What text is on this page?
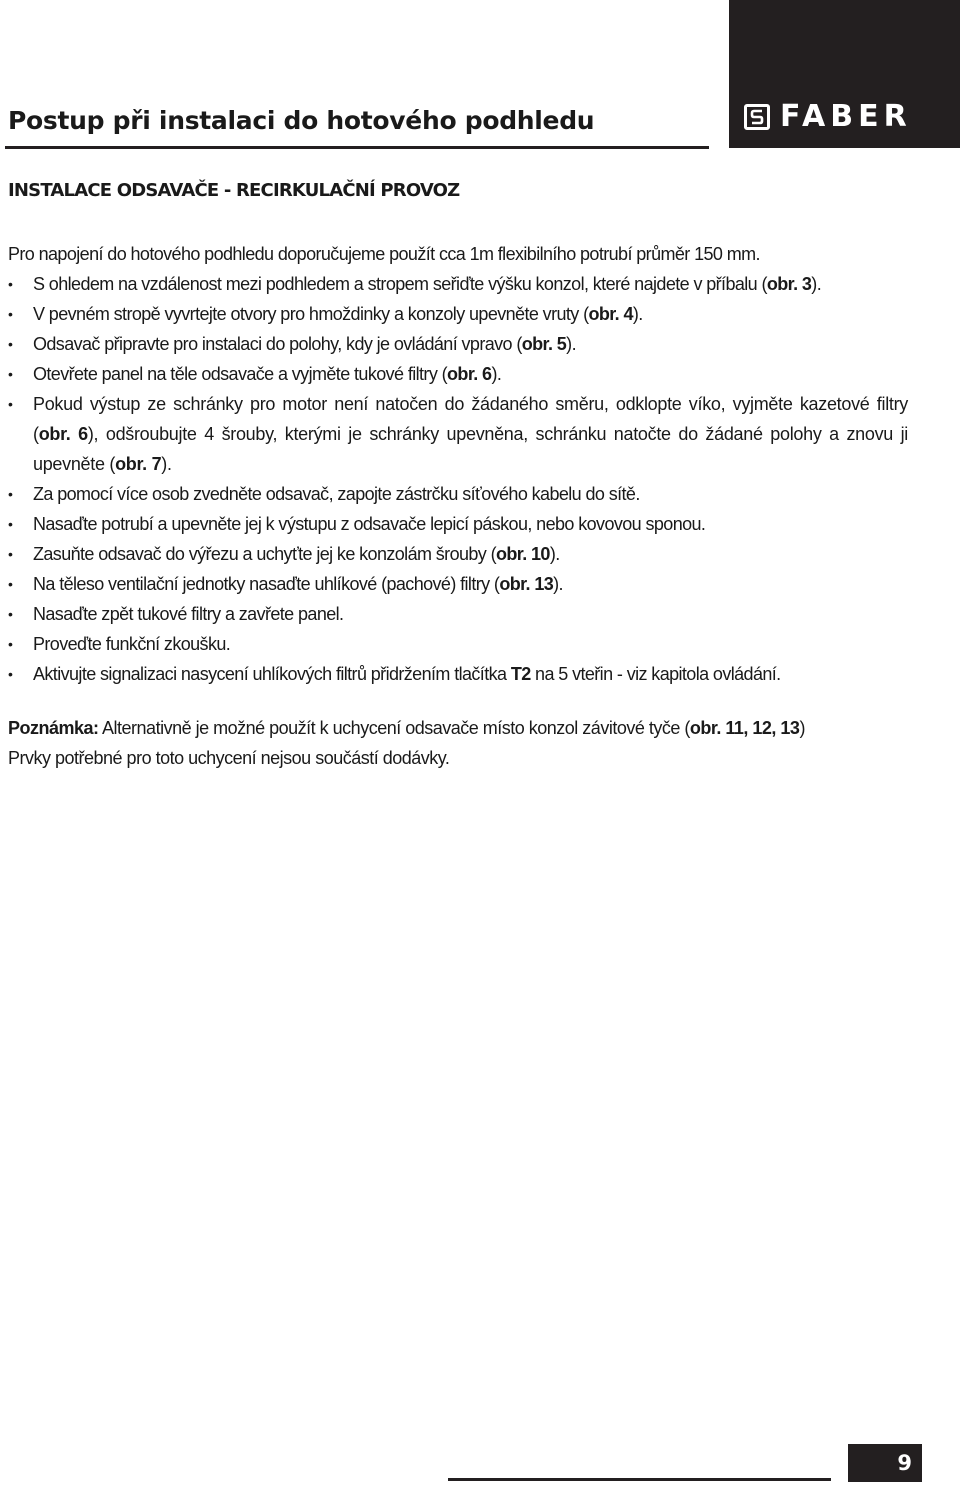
FABER
Postup při instalaci do hotového podhledu
INSTALACE ODSAVAČE - RECIRKULAČNÍ PROVOZ

Pro napojení do hotového podhledu doporučujeme použít cca 1m flexibilního potrubí průměr 150 mm.

• S ohledem na vzdálenost mezi podhledem a stropem seřiďte výšku konzol, které najdete v příbalu (obr. 3).
• V pevném stropě vyvrtejte otvory pro hmoždinky a konzoly upevněte vruty (obr. 4).
• Odsavač připravte pro instalaci do polohy, kdy je ovládání vpravo (obr. 5).
• Otevřete panel na těle odsavače a vyjměte tukové filtry (obr. 6).
• Pokud výstup ze schránky pro motor není natočen do žádaného směru, odklopte víko, vyjměte kazetové filtry (obr. 6), odšroubujte 4 šrouby, kterými je schránky upevněna, schránku natočte do žádané polohy a znovu ji upevněte (obr. 7).
• Za pomocí více osob zvedněte odsavač, zapojte zástrčku síťového kabelu do sítě.
• Nasaďte potrubí a upevněte jej k výstupu z odsavače lepicí páskou, nebo kovovou sponou.
• Zasuňte odsavač do výřezu a uchyťte jej ke konzolám šrouby (obr. 10).
• Na těleso ventilační jednotky nasaďte uhlíkové (pachové) filtry (obr. 13).
• Nasaďte zpět tukové filtry a zavřete panel.
• Proveďte funkční zkoušku.
• Aktivujte signalizaci nasycení uhlíkových filtrů přidržením tlačítka T2 na 5 vteřin - viz kapitola ovládání.

Poznámka: Alternativně je možné použít k uchycení odsavače místo konzol závitové tyče (obr. 11, 12, 13)
Prvky potřebné pro toto uchycení nejsou součástí dodávky.

9
